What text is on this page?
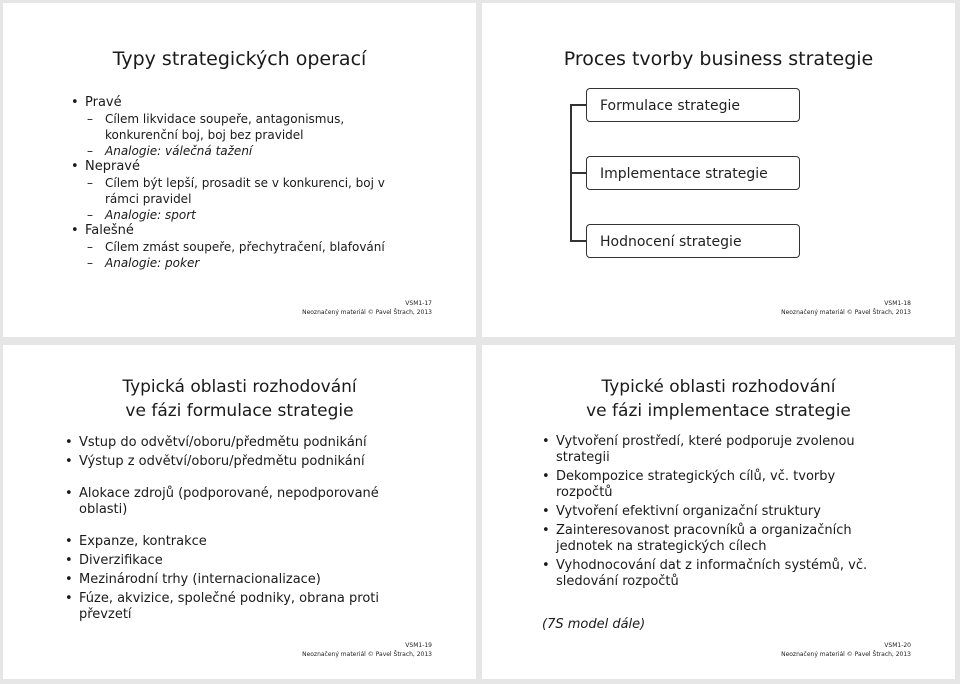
Typy strategických operací
• Pravé
– Cílem likvidace soupeře, antagonismus, konkurenční boj, boj bez pravidel
– Analogie: válečná tažení
• Nepravé
– Cílem být lepší, prosadit se v konkurenci, boj v rámci pravidel
– Analogie: sport
• Falešné
– Cílem zmást soupeře, přechytračení, blafování
– Analogie: poker
VSM1-17
Neoznačený materiál © Pavel Štrach, 2013
Proces tvorby business strategie
Formulace strategie
Implementace strategie
Hodnocení strategie
VSM1-18
Neoznačený materiál © Pavel Štrach, 2013
Typická oblasti rozhodování
ve fázi formulace strategie
• Vstup do odvětví/oboru/předmětu podnikání
• Výstup z odvětví/oboru/předmětu podnikání
• Alokace zdrojů (podporované, nepodporované oblasti)
• Expanze, kontrakce
• Diverzifikace
• Mezinárodní trhy (internacionalizace)
• Fúze, akvizice, společné podniky, obrana proti převzetí
VSM1-19
Neoznačený materiál © Pavel Štrach, 2013
Typické oblasti rozhodování
ve fázi implementace strategie
• Vytvoření prostředí, které podporuje zvolenou strategii
• Dekompozice strategických cílů, vč. tvorby rozpočtů
• Vytvoření efektivní organizační struktury
• Zainteresovanost pracovníků a organizačních jednotek na strategických cílech
• Vyhodnocování dat z informačních systémů, vč. sledování rozpočtů
(7S model dále)
VSM1-20
Neoznačený materiál © Pavel Štrach, 2013
